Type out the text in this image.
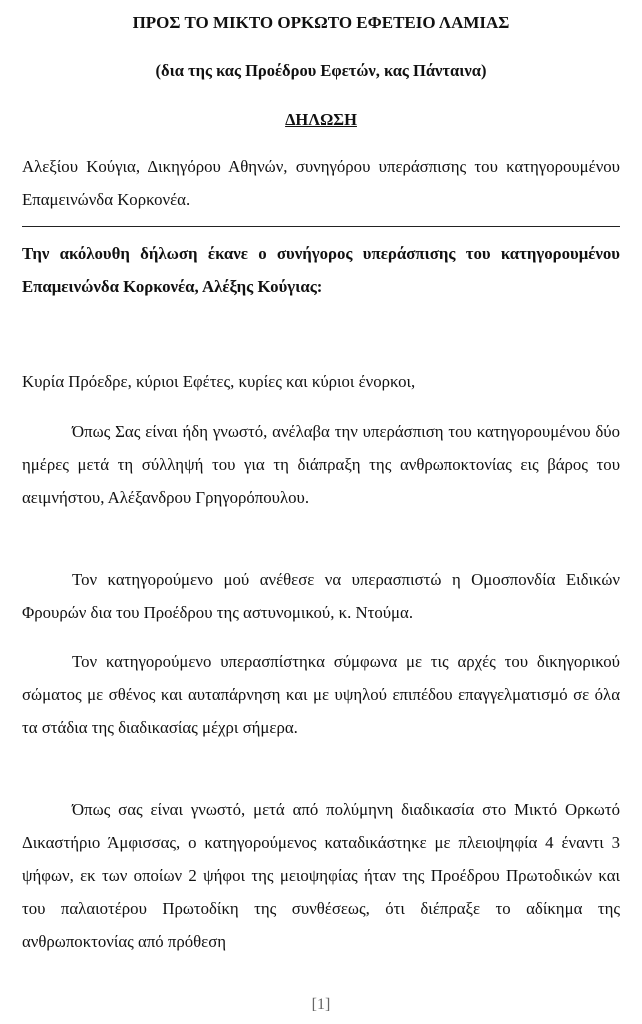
ΠΡΟΣ ΤΟ ΜΙΚΤΟ ΟΡΚΩΤΟ ΕΦΕΤΕΙΟ ΛΑΜΙΑΣ
(δια της κας Προέδρου Εφετών, κας Πάνταινα)
ΔΗΛΩΣΗ
Αλεξίου Κούγια, Δικηγόρου Αθηνών, συνηγόρου υπεράσπισης του κατηγορουμένου Επαμεινώνδα Κορκονέα.
Την ακόλουθη δήλωση έκανε ο συνήγορος υπεράσπισης του κατηγορουμένου Επαμεινώνδα Κορκονέα, Αλέξης Κούγιας:
Κυρία Πρόεδρε, κύριοι Εφέτες, κυρίες και κύριοι ένορκοι,
Όπως Σας είναι ήδη γνωστό, ανέλαβα την υπεράσπιση του κατηγορουμένου δύο ημέρες μετά τη σύλληψή του για τη διάπραξη της ανθρωποκτονίας εις βάρος του αειμνήστου, Αλέξανδρου Γρηγορόπουλου.
Τον κατηγορούμενο μού ανέθεσε να υπερασπιστώ η Ομοσπονδία Ειδικών Φρουρών δια του Προέδρου της αστυνομικού, κ. Ντούμα.
Τον κατηγορούμενο υπερασπίστηκα σύμφωνα με τις αρχές του δικηγορικού σώματος με σθένος και αυταπάρνηση και με υψηλού επιπέδου επαγγελματισμό σε όλα τα στάδια της διαδικασίας μέχρι σήμερα.
Όπως σας είναι γνωστό, μετά από πολύμηνη διαδικασία στο Μικτό Ορκωτό Δικαστήριο Άμφισσας, ο κατηγορούμενος καταδικάστηκε με πλειοψηφία 4 έναντι 3 ψήφων, εκ των οποίων 2 ψήφοι της μειοψηφίας ήταν της Προέδρου Πρωτοδικών και του παλαιοτέρου Πρωτοδίκη της συνθέσεως, ότι διέπραξε το αδίκημα της ανθρωποκτονίας από πρόθεση
[1]
